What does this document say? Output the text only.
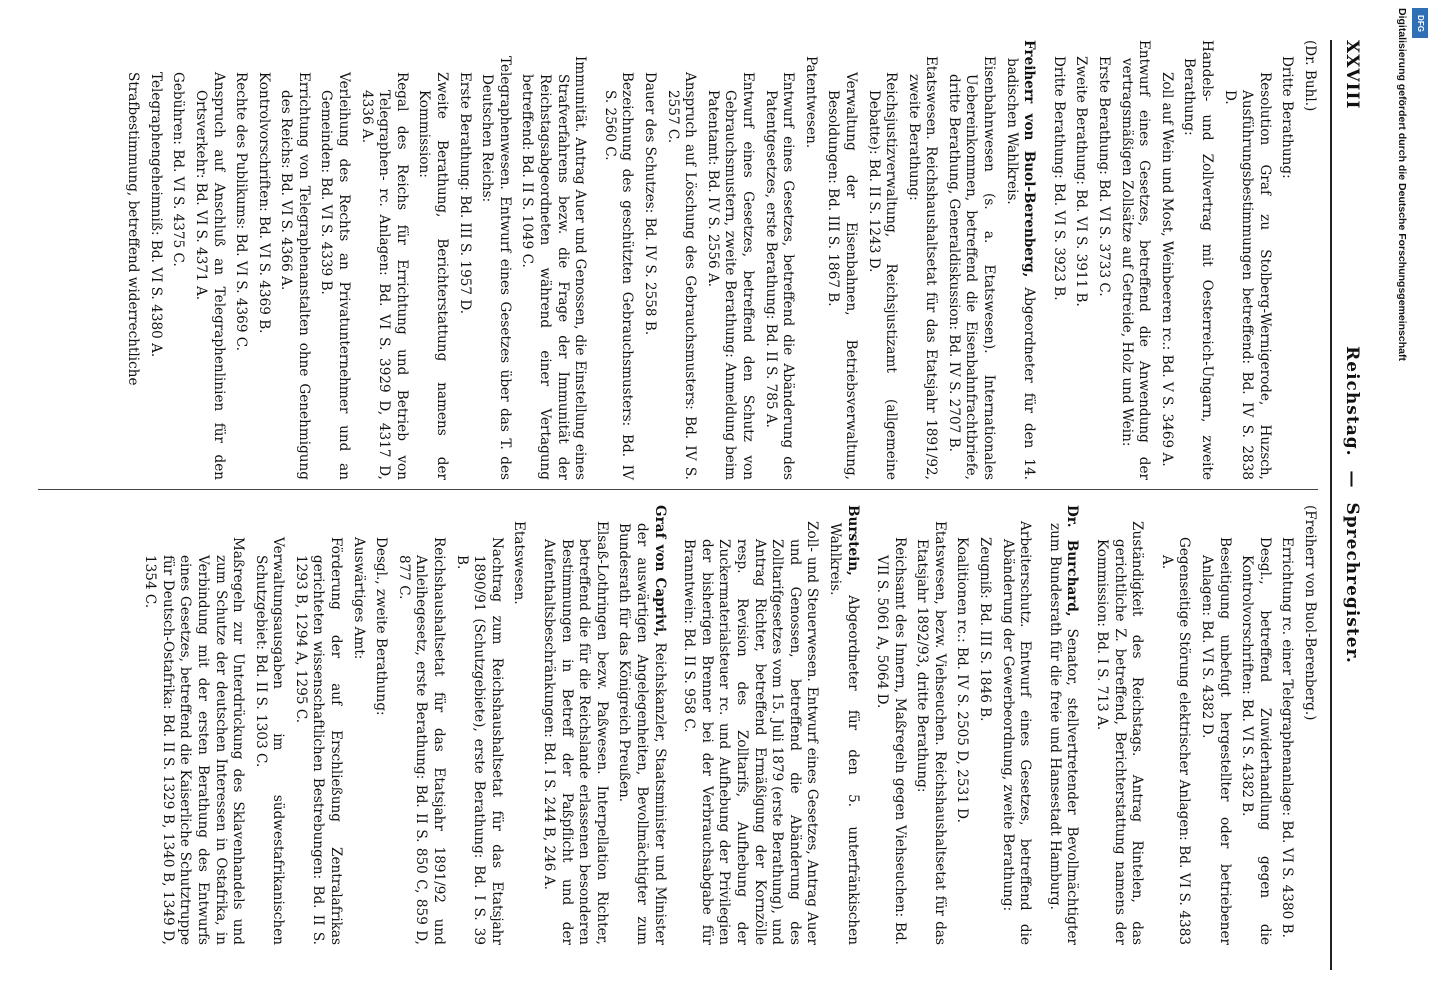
XXVIII
Reichstag.—Sprechregister.
(Dr. Buhl.)
Dritte Berathung:
Resolution Graf zu Stolberg-Wernigerode, Huzsch, Ausführungsbestimmungen betreffend: Bd. IV S. 2838 D.
Handels- und Zollvertrag mit Oesterreich-Ungarn, zweite Berathung:
Zoll auf Wein und Most, Weinbeeren rc.: Bd. V S. 3469 A.
Entwurf eines Gesetzes, betreffend die Anwendung der vertragsmäßigen Zollsätze auf Getreide, Holz und Wein:
Erste Berathung: Bd. VI S. 3733 C.
Zweite Berathung: Bd. VI S. 3911 B.
Dritte Berathung: Bd. VI S. 3923 B.
Freiherr von Buol-Berenberg, Abgeordneter für den 14. badischen Wahlkreis.
Eisenbahnwesen (s. a. Etatswesen). Internationales Uebereinkommen, betreffend die Eisenbahnfrachtbriefe, dritte Berathung, Generaldiskussion: Bd. IV S. 2707 B.
Etatswesen. Reichshaushaltsetat für das Etatsjahr 1891/92, zweite Berathung:
Reichsjustizverwaltung, Reichsjustizamt (allgemeine Debatte): Bd. II S. 1243 D.
Verwaltung der Eisenbahnen, Betriebsverwaltung, Besoldungen: Bd. III S. 1867 B.
Patentwesen.
Entwurf eines Gesetzes, betreffend die Abänderung des Patentgesetzes, erste Berathung: Bd. II S. 785 A.
Entwurf eines Gesetzes, betreffend den Schutz von Gebrauchsmustern, zweite Berathung: Anmeldung beim Patentamt: Bd. IV S. 2556 A.
Anspruch auf Löschung des Gebrauchsmusters: Bd. IV S. 2557 C.
Dauer des Schutzes: Bd. IV S. 2558 B.
Bezeichnung des geschützten Gebrauchsmusters: Bd. IV S. 2560 C.
Immunität. Antrag Auer und Genossen, die Einstellung eines Strafverfahrens bezw. die Frage der Immunität der Reichstagsabgeordneten während einer Vertagung betreffend: Bd. II S. 1049 C.
Telegraphenwesen. Entwurf eines Gesetzes über das T. des Deutschen Reichs:
Erste Berathung: Bd. III S. 1957 D.
Zweite Berathung, Berichterstattung namens der Kommission:
Regal des Reichs für Errichtung und Betrieb von Telegraphen- rc. Anlagen: Bd. VI S. 3929 D, 4317 D, 4336 A.
Verleihung des Rechts an Privatunternehmer und an Gemeinden: Bd. VI S. 4339 B.
Errichtung von Telegraphenanstalten ohne Genehmigung des Reichs: Bd. VI S. 4366 A.
Kontrolvorschriften: Bd. VI S. 4369 B.
Rechte des Publikums: Bd. VI S. 4369 C.
Anspruch auf Anschluß an Telegraphenlinien für den Ortsverkehr: Bd. VI S. 4371 A.
Gebühren: Bd. VI S. 4375 C.
Telegraphengeheimniß: Bd. VI S. 4380 A.
Strafbestimmung, betreffend widerrechtliche
(Freiherr von Buol-Berenberg.)
Errichtung rc. einer Telegraphenanlage: Bd. VI S. 4380 B.
Desgl., betreffend Zuwiderhandlung gegen die Kontrolvorschriften: Bd. VI S. 4382 B.
Beseitigung unbefugt hergestellter oder betriebener Anlagen: Bd. VI S. 4382 D.
Gegenseitige Störung elektrischer Anlagen: Bd. VI S. 4383 A.
Zuständigkeit des Reichstags. Antrag Rintelen, das gerichtliche Z. betreffend, Berichterstattung namens der Kommission: Bd. I S. 713 A.
Dr. Burchard, Senator, stellvertretender Bevollmächtigter zum Bundesrath für die freie und Hansestadt Hamburg.
Arbeiterschutz. Entwurf eines Gesetzes, betreffend die Abänderung der Gewerbeordnung, zweite Berathung:
Zeugniß: Bd. III S. 1846 B.
Koalitionen rc.: Bd. IV S. 2505 D, 2531 D.
Etatswesen, bezw. Viehseuchen. Reichshaushaltsetat für das Etatsjahr 1892/93, dritte Berathung:
Reichsamt des Innern, Maßregeln gegen Viehseuchen: Bd. VII S. 5061 A, 5064 D.
Burstein, Abgeordneter für den 5. unterfränkischen Wahlkreis.
Zoll- und Steuerwesen. Entwurf eines Gesetzes, Antrag Auer und Genossen, betreffend die Abänderung des Zolltarifgesetzes vom 15. Juli 1879 (erste Berathung), und Antrag Richter, betreffend Ermäßigung der Kornzölle resp. Revision des Zolltarifs, Aufhebung der Zuckermaterialsteuer rc. und Aufhebung der Privilegien der bisherigen Brenner bei der Verbrauchsabgabe für Branntwein: Bd. II S. 958 C.
Graf von Caprivi, Reichskanzler, Staatsminister und Minister der auswärtigen Angelegenheiten, Bevollmächtigter zum Bundesrath für das Königreich Preußen.
Elsaß-Lothringen bezw. Paßwesen. Interpellation Richter, betreffend die für die Reichslande erlassenen besonderen Bestimmungen in Betreff der Paßpflicht und der Aufenthaltsbeschränkungen: Bd. I S. 244 B, 246 A.
Etatswesen.
Nachtrag zum Reichshaushaltsetat für das Etatsjahr 1890/91 (Schutzgebiete), erste Berathung: Bd. I S. 39 B.
Reichshaushaltsetat für das Etatsjahr 1891/92 und Anleihegesetz, erste Berathung: Bd. II S. 850 C, 859 D, 877 C.
Desgl., zweite Berathung:
Auswärtiges Amt:
Förderung der auf Erschließung Zentralafrikas gerichteten wissenschaftlichen Bestrebungen: Bd. II S. 1293 B, 1294 A, 1295 C.
Verwaltungsausgaben im südwestafrikanischen Schutzgebiet: Bd. II S. 1303 C.
Maßregeln zur Unterdrückung des Sklavenhandels und zum Schutze der deutschen Interessen in Ostafrika, in Verbindung mit der ersten Berathung des Entwurfs eines Gesetzes, betreffend die Kaiserliche Schutztruppe für Deutsch-Ostafrika: Bd. II S. 1329 B, 1340 B, 1349 D, 1354 C.
Digitalisierung gefördert durch die Deutsche Forschungsgemeinschaft DFG
